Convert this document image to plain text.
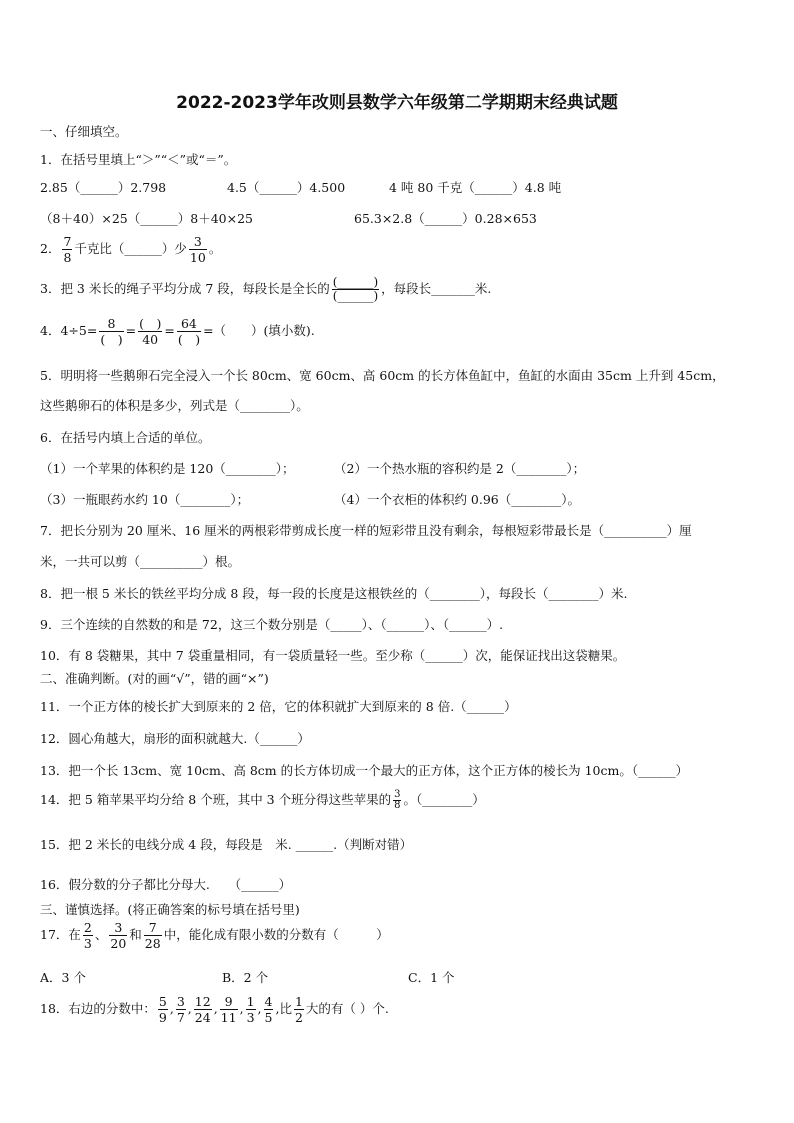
2022-2023学年改则县数学六年级第二学期期末经典试题
一、仔细填空。
1．在括号里填上“＞”“＜”或“＝”。
2.85（______）2.798	4.5（______）4.500	4 吨 80 千克（______）4.8 吨
（8＋40）×25（______）8＋40×25	65.3×2.8（______）0.28×653
2． $\frac{7}{8}$ 千克比（______）少 $\frac{3}{10}$ 。
3．把 3 米长的绳子平均分成 7 段，每段长是全长的 (______)
(______) ，每段长_______米.
4．4÷5= 8
(　)
= (　)
40
= 64
(　)
=（　　）(填小数).
5．明明将一些鹅卵石完全浸入一个长 80cm、宽 60cm、高 60cm 的长方体鱼缸中，鱼缸的水面由 35cm 上升到 45cm，
这些鹅卵石的体积是多少，列式是（________）。
6．在括号内填上合适的单位。
（1）一个苹果的体积约是 120（________）；	（2）一个热水瓶的容积约是 2（________）；
（3）一瓶眼药水约 10（________）；	（4）一个衣柜的体积约 0.96（________）。
7．把长分别为 20 厘米、16 厘米的两根彩带剪成长度一样的短彩带且没有剩余，每根短彩带最长是（__________）厘
米，一共可以剪（__________）根。
8．把一根 5 米长的铁丝平均分成 8 段，每一段的长度是这根铁丝的（________），每段长（________）米.
9．三个连续的自然数的和是 72，这三个数分别是（_____）、（______）、（______）.
10．有 8 袋糖果，其中 7 袋重量相同，有一袋质量轻一些。至少称（______）次，能保证找出这袋糖果。
二、准确判断。(对的画“√”，错的画“×”)
11．一个正方体的棱长扩大到原来的 2 倍，它的体积就扩大到原来的 8 倍.（______）
12．圆心角越大，扇形的面积就越大.（______）
13．把一个长 13cm、宽 10cm、高 8cm 的长方体切成一个最大的正方体，这个正方体的棱长为 10cm。（______）
14．把 5 箱苹果平均分给 8 个班，其中 3 个班分得这些苹果的 $\frac{3}{8}$ 。（________）
15．把 2 米长的电线分成 4 段，每段是　米. ______.（判断对错）
16．假分数的分子都比分母大.　　（______）
三、谨慎选择。(将正确答案的标号填在括号里)
17．在 $\frac{2}{3}$ 、 $\frac{3}{20}$ 和 $\frac{7}{28}$ 中，能化成有限小数的分数有（　　　）
A．3 个	B．2 个	C．1 个
18．右边的分数中： $\frac{5}{9}$ , $\frac{3}{7}$ , $\frac{12}{24}$ , $\frac{9}{11}$ , $\frac{1}{3}$ , $\frac{4}{5}$ ,比 $\frac{1}{2}$ 大的有（ ）个.
